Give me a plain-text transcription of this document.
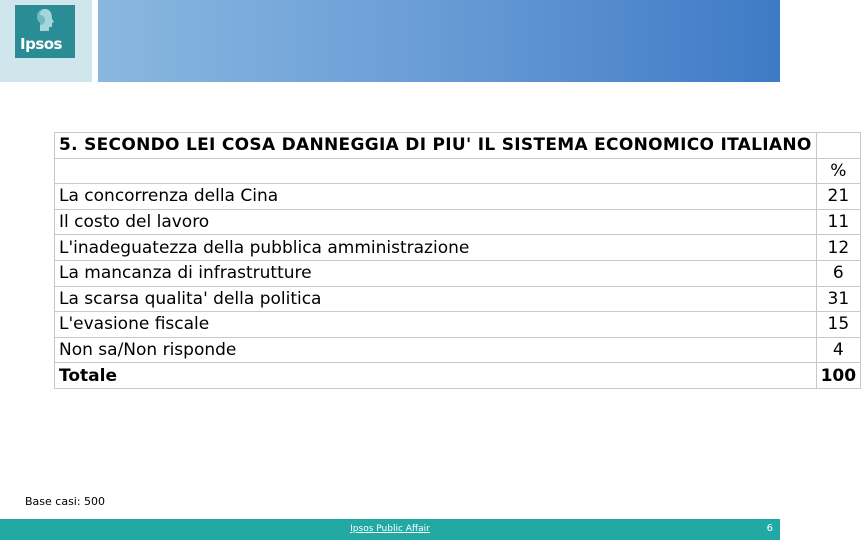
Ipsos
5. SECONDO LEI COSA DANNEGGIA DI PIU' IL SISTEMA ECONOMICO ITALIANO	
	%
La concorrenza della Cina	21
Il costo del lavoro	11
L'inadeguatezza della pubblica amministrazione	12
La mancanza di infrastrutture	6
La scarsa qualita' della politica	31
L'evasione fiscale	15
Non sa/Non risponde	4
Totale	100
Base casi: 500
Ipsos Public Affair	6
